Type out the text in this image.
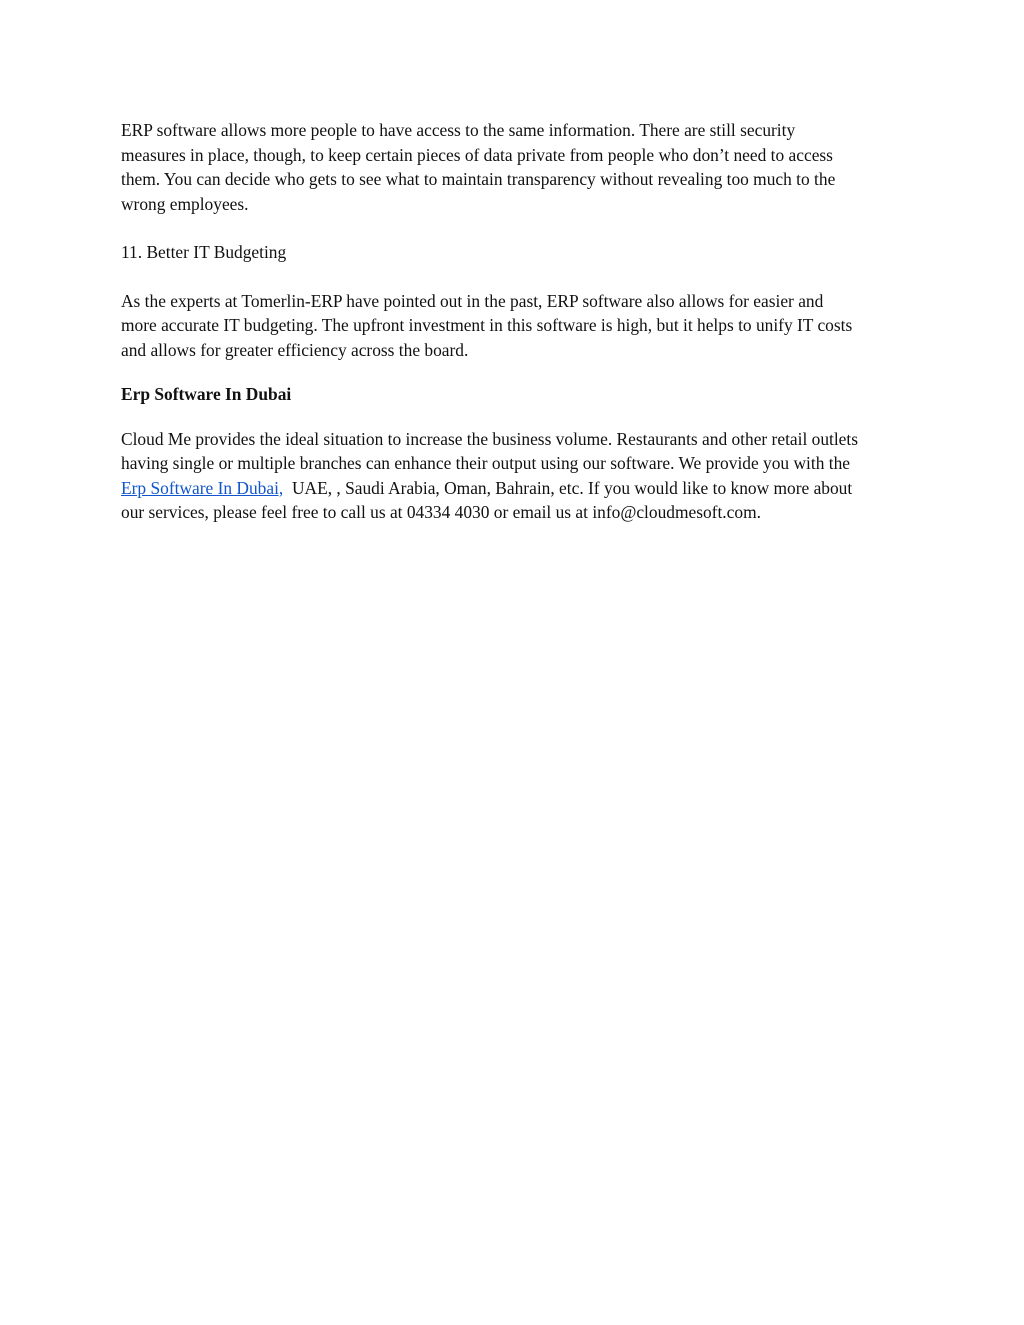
ERP software allows more people to have access to the same information. There are still security
measures in place, though, to keep certain pieces of data private from people who don’t need to access
them. You can decide who gets to see what to maintain transparency without revealing too much to the
wrong employees.

11. Better IT Budgeting

As the experts at Tomerlin-ERP have pointed out in the past, ERP software also allows for easier and
more accurate IT budgeting. The upfront investment in this software is high, but it helps to unify IT costs
and allows for greater efficiency across the board.

Erp Software In Dubai

Cloud Me provides the ideal situation to increase the business volume. Restaurants and other retail outlets
having single or multiple branches can enhance their output using our software. We provide you with the
Erp Software In Dubai,  UAE, , Saudi Arabia, Oman, Bahrain, etc. If you would like to know more about
our services, please feel free to call us at 04334 4030 or email us at info@cloudmesoft.com.
